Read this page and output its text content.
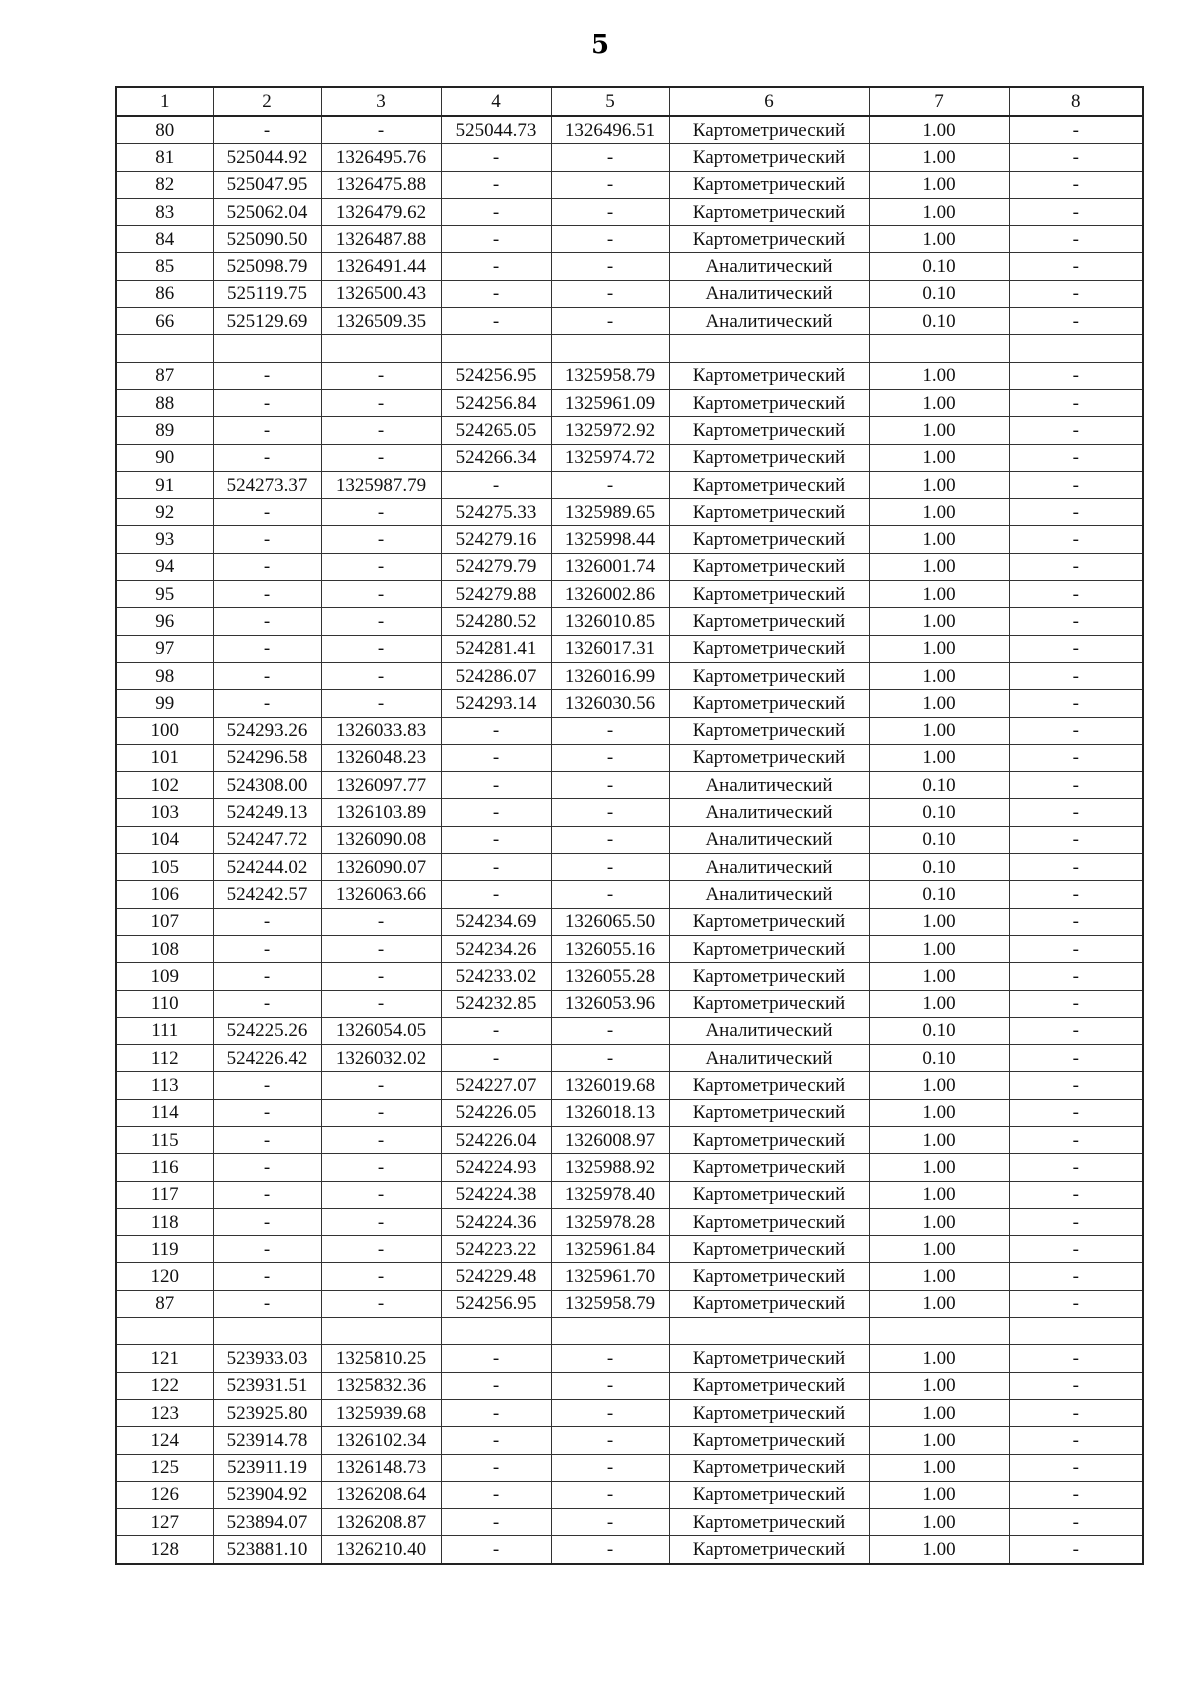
5
1	2	3	4	5	6	7	8
80	-	-	525044.73	1326496.51	Картометрический	1.00	-
81	525044.92	1326495.76	-	-	Картометрический	1.00	-
82	525047.95	1326475.88	-	-	Картометрический	1.00	-
83	525062.04	1326479.62	-	-	Картометрический	1.00	-
84	525090.50	1326487.88	-	-	Картометрический	1.00	-
85	525098.79	1326491.44	-	-	Аналитический	0.10	-
86	525119.75	1326500.43	-	-	Аналитический	0.10	-
66	525129.69	1326509.35	-	-	Аналитический	0.10	-

87	-	-	524256.95	1325958.79	Картометрический	1.00	-
88	-	-	524256.84	1325961.09	Картометрический	1.00	-
89	-	-	524265.05	1325972.92	Картометрический	1.00	-
90	-	-	524266.34	1325974.72	Картометрический	1.00	-
91	524273.37	1325987.79	-	-	Картометрический	1.00	-
92	-	-	524275.33	1325989.65	Картометрический	1.00	-
93	-	-	524279.16	1325998.44	Картометрический	1.00	-
94	-	-	524279.79	1326001.74	Картометрический	1.00	-
95	-	-	524279.88	1326002.86	Картометрический	1.00	-
96	-	-	524280.52	1326010.85	Картометрический	1.00	-
97	-	-	524281.41	1326017.31	Картометрический	1.00	-
98	-	-	524286.07	1326016.99	Картометрический	1.00	-
99	-	-	524293.14	1326030.56	Картометрический	1.00	-
100	524293.26	1326033.83	-	-	Картометрический	1.00	-
101	524296.58	1326048.23	-	-	Картометрический	1.00	-
102	524308.00	1326097.77	-	-	Аналитический	0.10	-
103	524249.13	1326103.89	-	-	Аналитический	0.10	-
104	524247.72	1326090.08	-	-	Аналитический	0.10	-
105	524244.02	1326090.07	-	-	Аналитический	0.10	-
106	524242.57	1326063.66	-	-	Аналитический	0.10	-
107	-	-	524234.69	1326065.50	Картометрический	1.00	-
108	-	-	524234.26	1326055.16	Картометрический	1.00	-
109	-	-	524233.02	1326055.28	Картометрический	1.00	-
110	-	-	524232.85	1326053.96	Картометрический	1.00	-
111	524225.26	1326054.05	-	-	Аналитический	0.10	-
112	524226.42	1326032.02	-	-	Аналитический	0.10	-
113	-	-	524227.07	1326019.68	Картометрический	1.00	-
114	-	-	524226.05	1326018.13	Картометрический	1.00	-
115	-	-	524226.04	1326008.97	Картометрический	1.00	-
116	-	-	524224.93	1325988.92	Картометрический	1.00	-
117	-	-	524224.38	1325978.40	Картометрический	1.00	-
118	-	-	524224.36	1325978.28	Картометрический	1.00	-
119	-	-	524223.22	1325961.84	Картометрический	1.00	-
120	-	-	524229.48	1325961.70	Картометрический	1.00	-
87	-	-	524256.95	1325958.79	Картометрический	1.00	-

121	523933.03	1325810.25	-	-	Картометрический	1.00	-
122	523931.51	1325832.36	-	-	Картометрический	1.00	-
123	523925.80	1325939.68	-	-	Картометрический	1.00	-
124	523914.78	1326102.34	-	-	Картометрический	1.00	-
125	523911.19	1326148.73	-	-	Картометрический	1.00	-
126	523904.92	1326208.64	-	-	Картометрический	1.00	-
127	523894.07	1326208.87	-	-	Картометрический	1.00	-
128	523881.10	1326210.40	-	-	Картометрический	1.00	-
